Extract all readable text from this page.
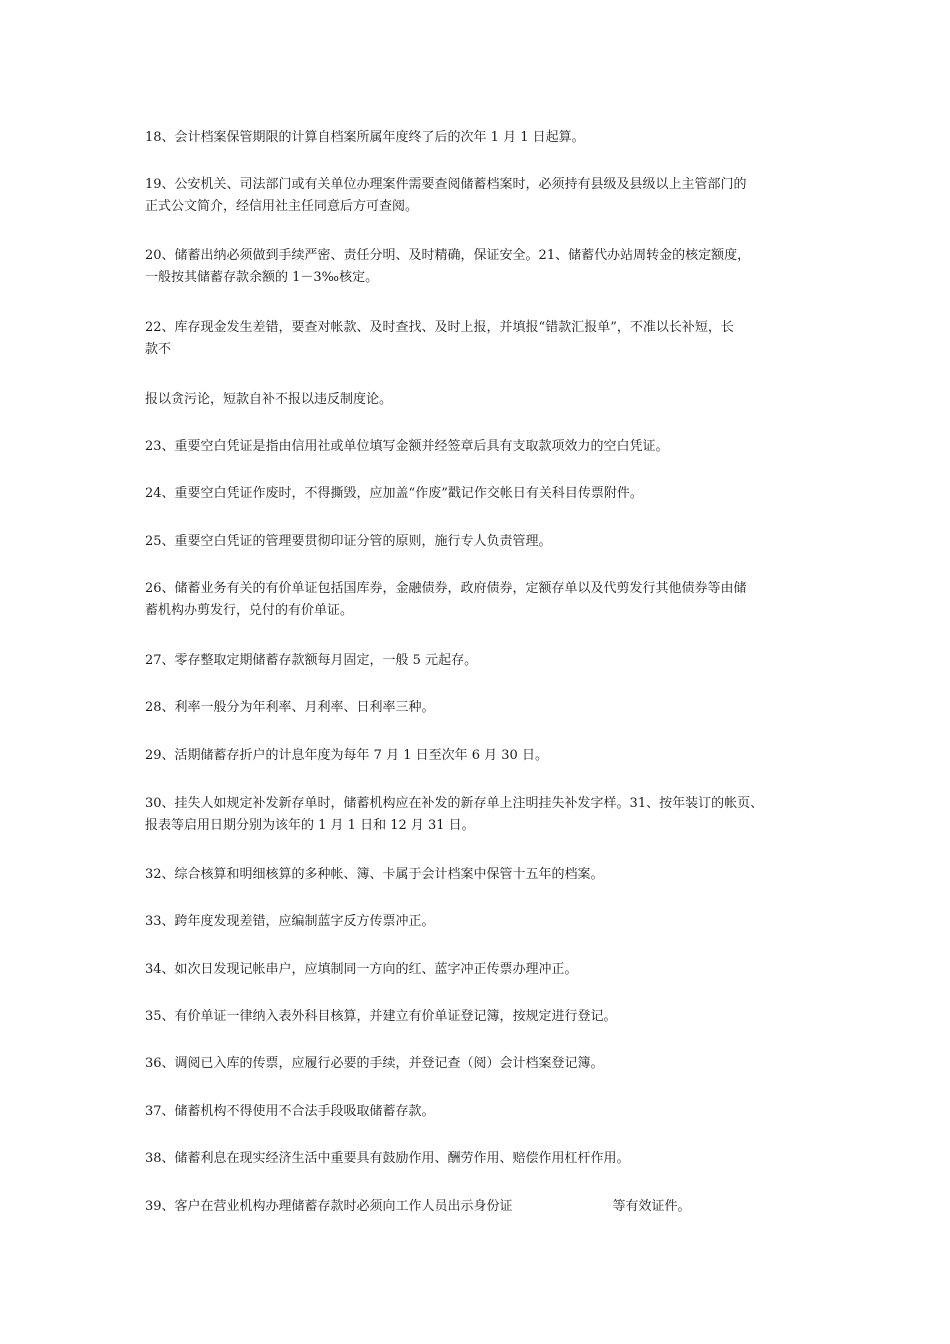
18、会计档案保管期限的计算自档案所属年度终了后的次年 1 月 1 日起算。

19、公安机关、司法部门或有关单位办理案件需要查阅储蓄档案时，必须持有县级及县级以上主管部门的
正式公文简介，经信用社主任同意后方可查阅。

20、储蓄出纳必须做到手续严密、责任分明、及时精确，保证安全。21、储蓄代办站周转金的核定额度，
一般按其储蓄存款余额的 1－3‰核定。

22、库存现金发生差错，要查对帐款、及时查找、及时上报，并填报“错款汇报单”，不准以长补短，长
款不

报以贪污论，短款自补不报以违反制度论。

23、重要空白凭证是指由信用社或单位填写金额并经签章后具有支取款项效力的空白凭证。

24、重要空白凭证作废时，不得撕毁，应加盖“作废”戳记作交帐日有关科目传票附件。

25、重要空白凭证的管理要贯彻印证分管的原则，施行专人负责管理。

26、储蓄业务有关的有价单证包括国库券，金融债券，政府债券，定额存单以及代剪发行其他债券等由储
蓄机构办剪发行，兑付的有价单证。

27、零存整取定期储蓄存款额每月固定，一般 5 元起存。

28、利率一般分为年利率、月利率、日利率三种。

29、活期储蓄存折户的计息年度为每年 7 月 1 日至次年 6 月 30 日。

30、挂失人如规定补发新存单时，储蓄机构应在补发的新存单上注明挂失补发字样。31、按年装订的帐页、
报表等启用日期分别为该年的 1 月 1 日和 12 月 31 日。

32、综合核算和明细核算的多种帐、簿、卡属于会计档案中保管十五年的档案。

33、跨年度发现差错，应编制蓝字反方传票冲正。

34、如次日发现记帐串户，应填制同一方向的红、蓝字冲正传票办理冲正。

35、有价单证一律纳入表外科目核算，并建立有价单证登记簿，按规定进行登记。

36、调阅已入库的传票，应履行必要的手续，并登记查（阅）会计档案登记簿。

37、储蓄机构不得使用不合法手段吸取储蓄存款。

38、储蓄利息在现实经济生活中重要具有鼓励作用、酬劳作用、赔偿作用杠杆作用。

39、客户在营业机构办理储蓄存款时必须向工作人员出示身份证	等有效证件。
